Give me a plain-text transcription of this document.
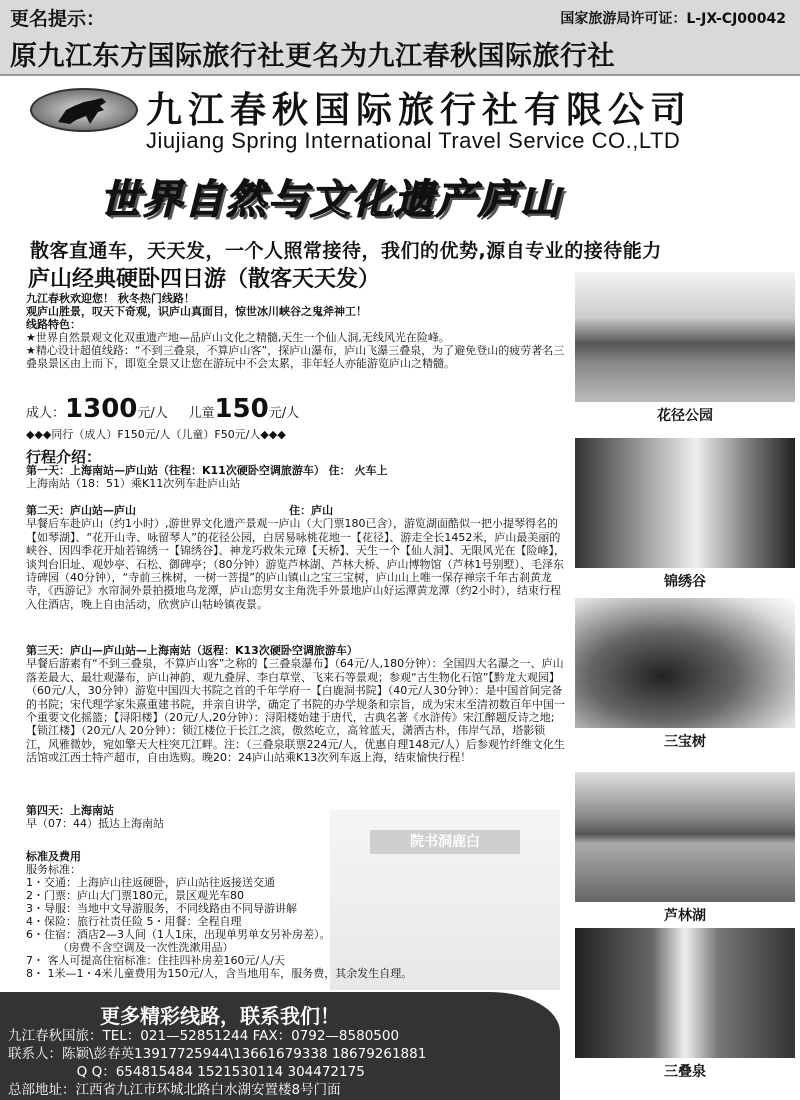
更名提示：	国家旅游局许可证：L-JX-CJ00042
原九江东方国际旅行社更名为九江春秋国际旅行社
九江春秋国际旅行社有限公司
Jiujiang Spring International Travel Service CO.,LTD
世界自然与文化遗产庐山
散客直通车，天天发，一个人照常接待，我们的优势,源自专业的接待能力
庐山经典硬卧四日游（散客天天发）
九江春秋欢迎您！ 秋冬热门线路！
观庐山胜景，叹天下奇观，识庐山真面目，惊世冰川峡谷之鬼斧神工！
线路特色：
★世界自然景观文化双重遗产地—品庐山文化之精髓,天生一个仙人洞,无线风光在险峰。
★精心设计超值线路：“不到三叠泉，不算庐山客”，探庐山瀑布，庐山飞瀑三叠泉，为了避免登山的疲劳著名三叠泉景区由上而下，即览全景又让您在游玩中不会太累，非年轻人亦能游览庐山之精髓。
成人：1300元/人 儿童150元/人
◆◆◆同行（成人）F150元/人（儿童）F50元/人◆◆◆
行程介绍：
第一天：上海南站—庐山站（往程：K11次硬卧空调旅游车） 住： 火车上
上海南站（18：51）乘K11次列车赴庐山站
第二天：庐山站—庐山                                        住：庐山
早餐后车赴庐山（约1小时）,游世界文化遗产景观一庐山（大门票180已含），游览湖面酷似一把小提琴得名的【如琴湖】、“花开山寺、咏留琴人”的花径公园，白居易咏桃花地一【花径】、游走全长1452米，庐山最美丽的峡谷、因四季花开灿若锦绣一【锦绣谷】、神龙巧救朱元璋【天桥】、天生一个【仙人洞】、无限风光在【险峰】，谈判台旧址、观妙亭、石松、御碑亭；（80分钟）游览芦林湖、芦林大桥、庐山博物馆（芦林1号别墅）、毛泽东诗碑园（40分钟），“寺前三株树，一树一菩提”的庐山镇山之宝三宝树，庐山山上唯一保存禅宗千年古刹黄龙寺，《西游记》水帘洞外景拍摄地乌龙潭，庐山恋男女主角洗手外景地庐山好运潭黄龙潭（约2小时），结束行程入住酒店，晚上自由活动，欣赏庐山牯岭镇夜景。
第三天：庐山—庐山站—上海南站（返程：K13次硬卧空调旅游车）
早餐后游素有“不到三叠泉，不算庐山客”之称的【三叠泉瀑布】（64元/人,180分钟）：全国四大名瀑之一、庐山落差最大、最壮观瀑布，庐山神韵、观九叠屏、李白草堂、飞来石等景观；参观“古生物化石馆”【黔龙大观园】（60元/人，30分钟）游览中国四大书院之首的千年学府一【白鹿洞书院】（40元/人30分钟）：是中国首间完备的书院；宋代理学家朱熹重建书院，并亲自讲学，确定了书院的办学规条和宗旨，成为宋末至清初数百年中国一个重要文化摇篮；【浔阳楼】（20元/人,20分钟）：浔阳楼始建于唐代，古典名著《水浒传》宋江醉题反诗之地;【锁江楼】（20元/人 20分钟）：锁江楼位于长江之滨，傲然屹立，高耸蓝天，潇洒古朴，伟岸气昂，塔影锁江，风雅微妙，宛如擎天大柱突兀江畔。注：（三叠泉联票224元/人，优惠自理148元/人）后参观竹纤维文化生活馆或江西土特产超市，自由选购。晚20：24庐山站乘K13次列车返上海，结束愉快行程！
第四天：上海南站
早（07：44）抵达上海南站
院书洞鹿白
标准及费用
服务标准：
1・交通：上海庐山往返硬卧，庐山站往返接送交通
2・门票：庐山大门票180元，景区观光车80
3・导服：当地中文导游服务，不同线路由不同导游讲解
4・保险：旅行社责任险 5・用餐：全程自理
6・住宿：酒店2—3人间（1人1床，出现单男单女另补房差）。
（房费不含空调及一次性洗漱用品）
7・ 客人可提高住宿标准：住挂四补房差160元/人/天
8・ 1米—1・4米儿童费用为150元/人，含当地用车，服务费，其余发生自理。
更多精彩线路，联系我们！
九江春秋国旅：TEL：021—52851244 FAX：0792—8580500
联系人：陈颖\彭春英13917725944\13661679338 18679261881
Q Q：654815484 1521530114 304472175
总部地址：江西省九江市环城北路白水湖安置楼8号门面
花径公园
锦绣谷
三宝树
芦林湖
三叠泉
